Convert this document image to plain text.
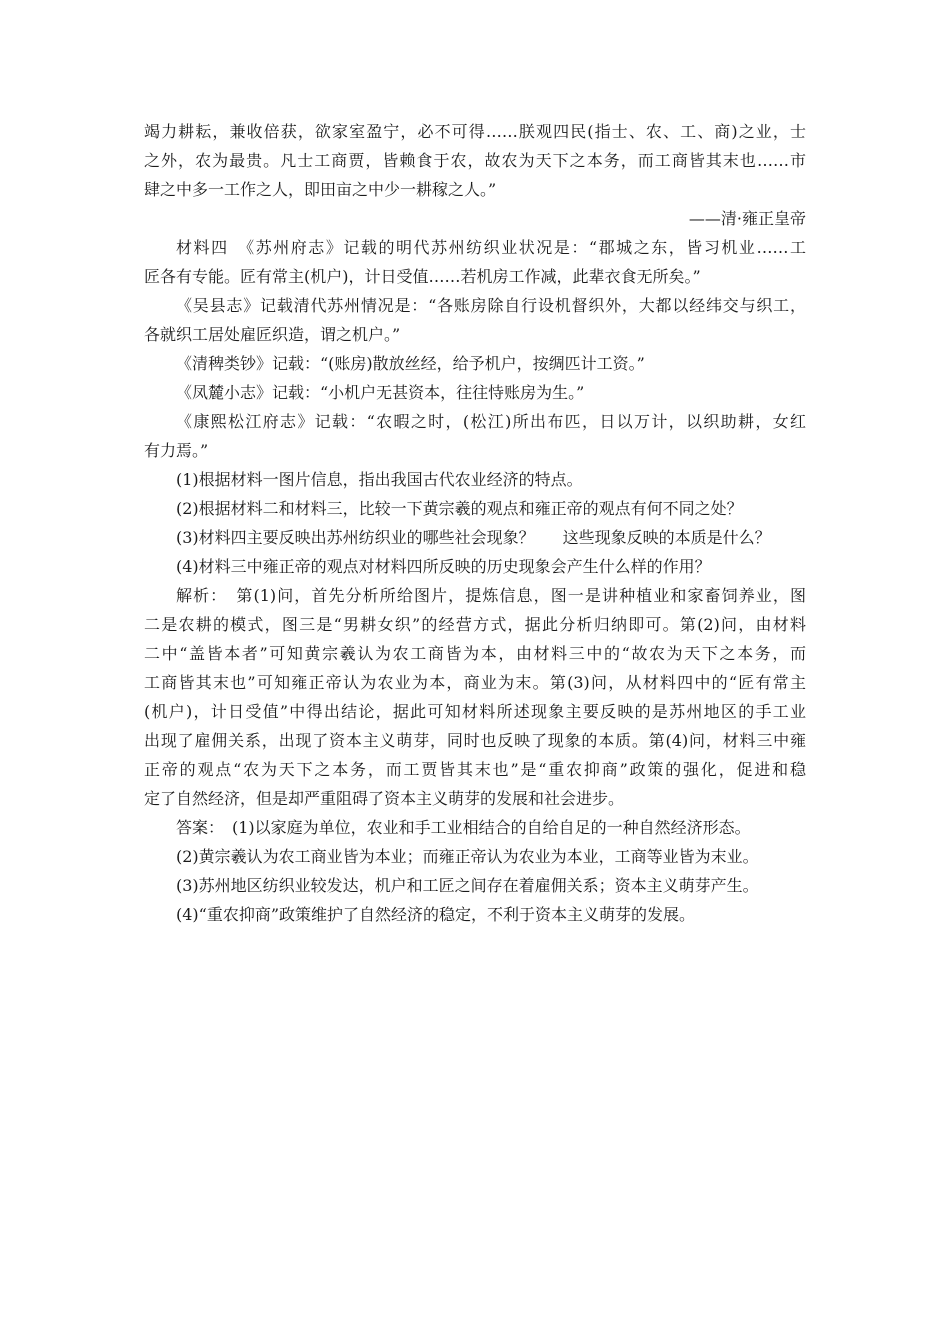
竭力耕耘，兼收倍获，欲家室盈宁，必不可得……朕观四民(指士、农、工、商)之业，士
之外，农为最贵。凡士工商贾，皆赖食于农，故农为天下之本务，而工商皆其末也……市
肆之中多一工作之人，即田亩之中少一耕稼之人。”
——清·雍正皇帝
材料四　《苏州府志》记载的明代苏州纺织业状况是：“郡城之东，皆习机业……工
匠各有专能。匠有常主(机户)，计日受值……若机房工作减，此辈衣食无所矣。”
《吴县志》记载清代苏州情况是：“各账房除自行设机督织外，大都以经纬交与织工，
各就织工居处雇匠织造，谓之机户。”
《清稗类钞》记载：“(账房)散放丝经，给予机户，按绸匹计工资。”
《凤麓小志》记载：“小机户无甚资本，往往恃账房为生。”
《康熙松江府志》记载：“农暇之时，(松江)所出布匹，日以万计，以织助耕，女红
有力焉。”
(1)根据材料一图片信息，指出我国古代农业经济的特点。
(2)根据材料二和材料三，比较一下黄宗羲的观点和雍正帝的观点有何不同之处？
(3)材料四主要反映出苏州纺织业的哪些社会现象？ 这些现象反映的本质是什么？
(4)材料三中雍正帝的观点对材料四所反映的历史现象会产生什么样的作用？
解析：　第(1)问，首先分析所给图片，提炼信息，图一是讲种植业和家畜饲养业，图
二是农耕的模式，图三是“男耕女织”的经营方式，据此分析归纳即可。第(2)问，由材料
二中“盖皆本者”可知黄宗羲认为农工商皆为本，由材料三中的“故农为天下之本务，而
工商皆其末也”可知雍正帝认为农业为本，商业为末。第(3)问，从材料四中的“匠有常主
(机户)，计日受值”中得出结论，据此可知材料所述现象主要反映的是苏州地区的手工业
出现了雇佣关系，出现了资本主义萌芽，同时也反映了现象的本质。第(4)问，材料三中雍
正帝的观点“农为天下之本务，而工贾皆其末也”是“重农抑商”政策的强化，促进和稳
定了自然经济，但是却严重阻碍了资本主义萌芽的发展和社会进步。
答案：　(1)以家庭为单位，农业和手工业相结合的自给自足的一种自然经济形态。
(2)黄宗羲认为农工商业皆为本业；而雍正帝认为农业为本业，工商等业皆为末业。
(3)苏州地区纺织业较发达，机户和工匠之间存在着雇佣关系；资本主义萌芽产生。
(4)“重农抑商”政策维护了自然经济的稳定，不利于资本主义萌芽的发展。
